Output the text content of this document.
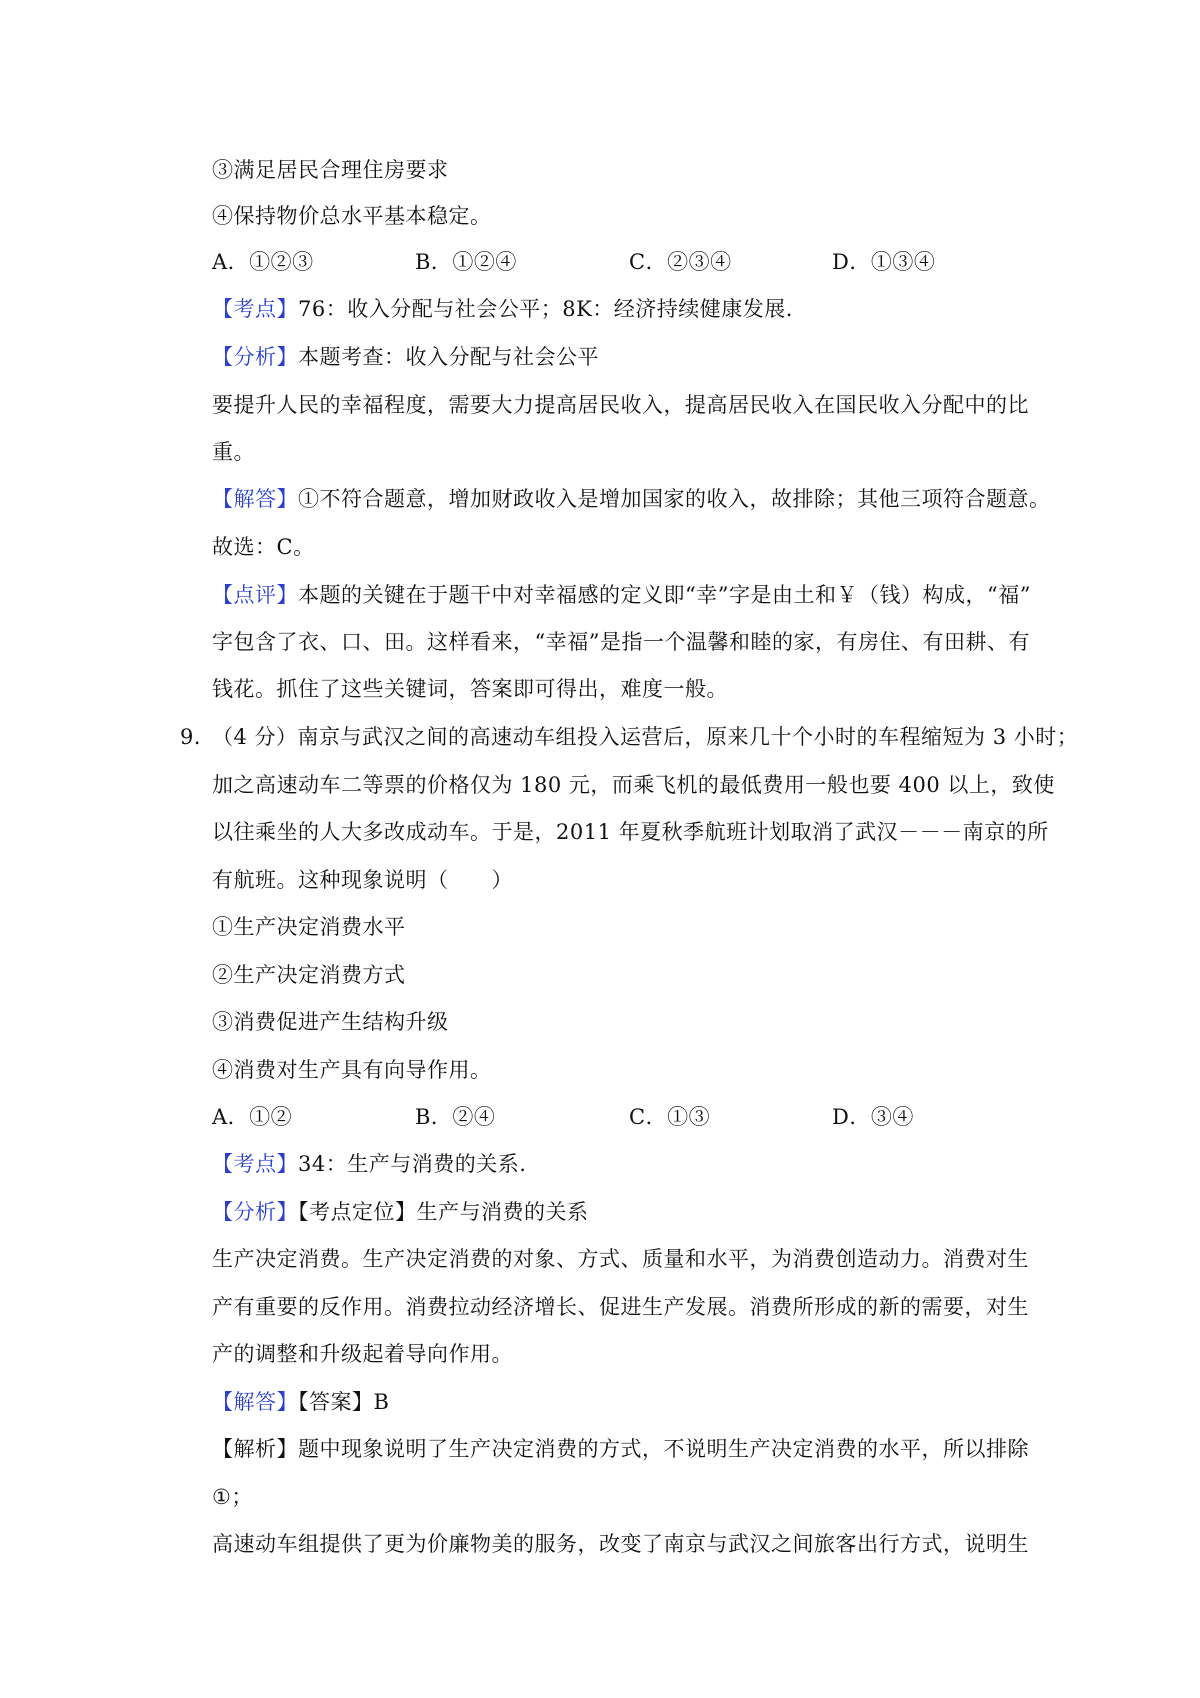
③满足居民合理住房要求
④保持物价总水平基本稳定。
A．①②③	B．①②④	C．②③④	D．①③④
【考点】76：收入分配与社会公平；8K：经济持续健康发展.
【分析】本题考查：收入分配与社会公平
要提升人民的幸福程度，需要大力提高居民收入，提高居民收入在国民收入分配中的比
重。
【解答】①不符合题意，增加财政收入是增加国家的收入，故排除；其他三项符合题意。
故选：C。
【点评】本题的关键在于题干中对幸福感的定义即“幸”字是由土和￥（钱）构成，“福”
字包含了衣、口、田。这样看来，“幸福”是指一个温馨和睦的家，有房住、有田耕、有
钱花。抓住了这些关键词，答案即可得出，难度一般。
9．
（4 分）南京与武汉之间的高速动车组投入运营后，原来几十个小时的车程缩短为 3 小时；
加之高速动车二等票的价格仅为 180 元，而乘飞机的最低费用一般也要 400 以上，致使
以往乘坐的人大多改成动车。于是，2011 年夏秋季航班计划取消了武汉－－－南京的所
有航班。这种现象说明（　　）
①生产决定消费水平
②生产决定消费方式
③消费促进产生结构升级
④消费对生产具有向导作用。
A．①②	B．②④	C．①③	D．③④
【考点】34：生产与消费的关系.
【分析】【考点定位】生产与消费的关系
生产决定消费。生产决定消费的对象、方式、质量和水平，为消费创造动力。消费对生
产有重要的反作用。消费拉动经济增长、促进生产发展。消费所形成的新的需要，对生
产的调整和升级起着导向作用。
【解答】【答案】B
【解析】题中现象说明了生产决定消费的方式，不说明生产决定消费的水平，所以排除
①；
高速动车组提供了更为价廉物美的服务，改变了南京与武汉之间旅客出行方式，说明生
